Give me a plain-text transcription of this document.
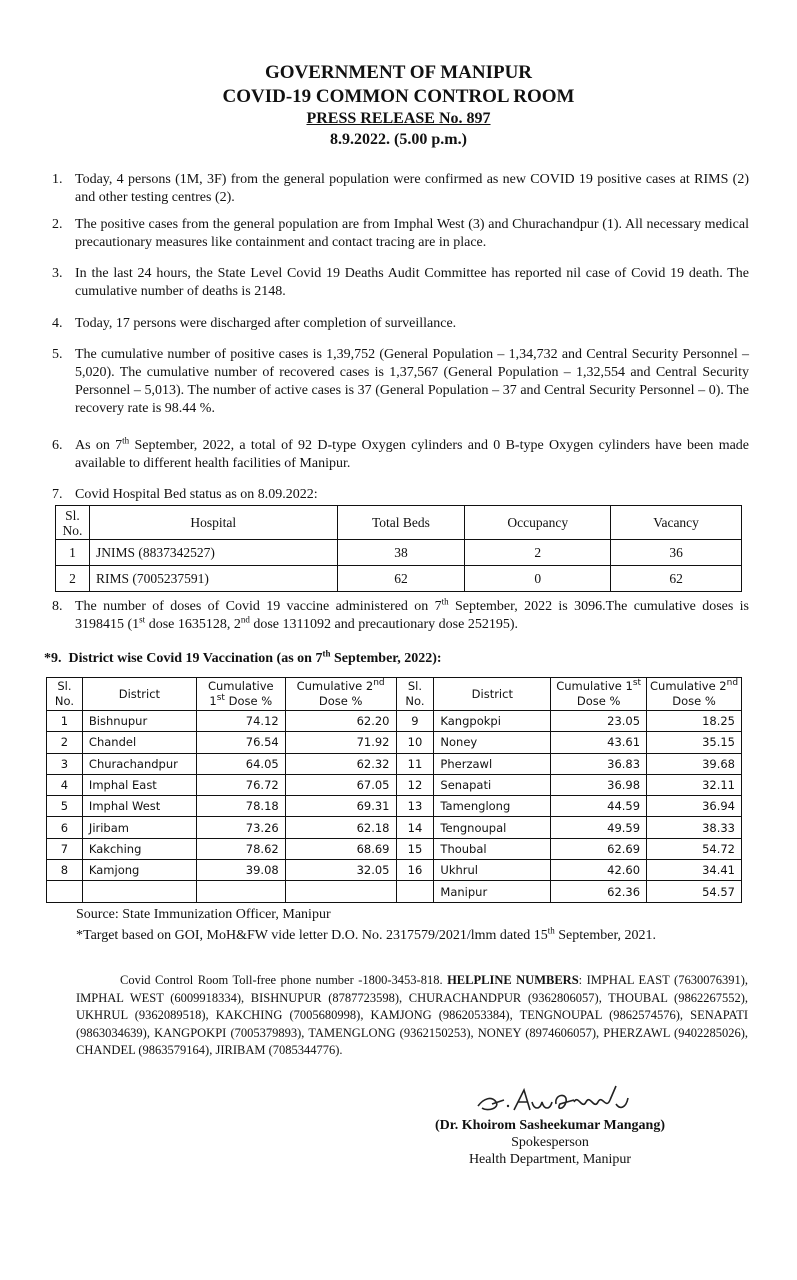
GOVERNMENT OF MANIPUR
COVID-19 COMMON CONTROL ROOM
PRESS RELEASE No. 897
8.9.2022. (5.00 p.m.)
1. Today, 4 persons (1M, 3F) from the general population were confirmed as new COVID 19 positive cases at RIMS (2) and other testing centres (2).
2. The positive cases from the general population are from Imphal West (3) and Churachandpur (1). All necessary medical precautionary measures like containment and contact tracing are in place.
3. In the last 24 hours, the State Level Covid 19 Deaths Audit Committee has reported nil case of Covid 19 death. The cumulative number of deaths is 2148.
4. Today, 17 persons were discharged after completion of surveillance.
5. The cumulative number of positive cases is 1,39,752 (General Population – 1,34,732 and Central Security Personnel – 5,020). The cumulative number of recovered cases is 1,37,567 (General Population – 1,32,554 and Central Security Personnel – 5,013). The number of active cases is 37 (General Population – 37 and Central Security Personnel – 0). The recovery rate is 98.44 %.
6. As on 7th September, 2022, a total of 92 D-type Oxygen cylinders and 0 B-type Oxygen cylinders have been made available to different health facilities of Manipur.
7. Covid Hospital Bed status as on 8.09.2022:
Sl. No.	Hospital	Total Beds	Occupancy	Vacancy
1	JNIMS (8837342527)	38	2	36
2	RIMS (7005237591)	62	0	62
8. The number of doses of Covid 19 vaccine administered on 7th September, 2022 is 3096.The cumulative doses is 3198415 (1st dose 1635128, 2nd dose 1311092 and precautionary dose 252195).
*9. District wise Covid 19 Vaccination (as on 7th September, 2022):
Sl. No.	District	Cumulative 1st Dose %	Cumulative 2nd Dose %	Sl. No.	District	Cumulative 1st Dose %	Cumulative 2nd Dose %
1	Bishnupur	74.12	62.20	9	Kangpokpi	23.05	18.25
2	Chandel	76.54	71.92	10	Noney	43.61	35.15
3	Churachandpur	64.05	62.32	11	Pherzawl	36.83	39.68
4	Imphal East	76.72	67.05	12	Senapati	36.98	32.11
5	Imphal West	78.18	69.31	13	Tamenglong	44.59	36.94
6	Jiribam	73.26	62.18	14	Tengnoupal	49.59	38.33
7	Kakching	78.62	68.69	15	Thoubal	62.69	54.72
8	Kamjong	39.08	32.05	16	Ukhrul	42.60	34.41
					Manipur	62.36	54.57
Source: State Immunization Officer, Manipur
*Target based on GOI, MoH&FW vide letter D.O. No. 2317579/2021/lmm dated 15th September, 2021.
Covid Control Room Toll-free phone number -1800-3453-818. HELPLINE NUMBERS: IMPHAL EAST (7630076391), IMPHAL WEST (6009918334), BISHNUPUR (8787723598), CHURACHANDPUR (9362806057), THOUBAL (9862267552), UKHRUL (9362089518), KAKCHING (7005680998), KAMJONG (9862053384), TENGNOUPAL (9862574576), SENAPATI (9863034639), KANGPOKPI (7005379893), TAMENGLONG (9362150253), NONEY (8974606057), PHERZAWL (9402285026), CHANDEL (9863579164), JIRIBAM (7085344776).
(Dr. Khoirom Sasheekumar Mangang)
Spokesperson
Health Department, Manipur
